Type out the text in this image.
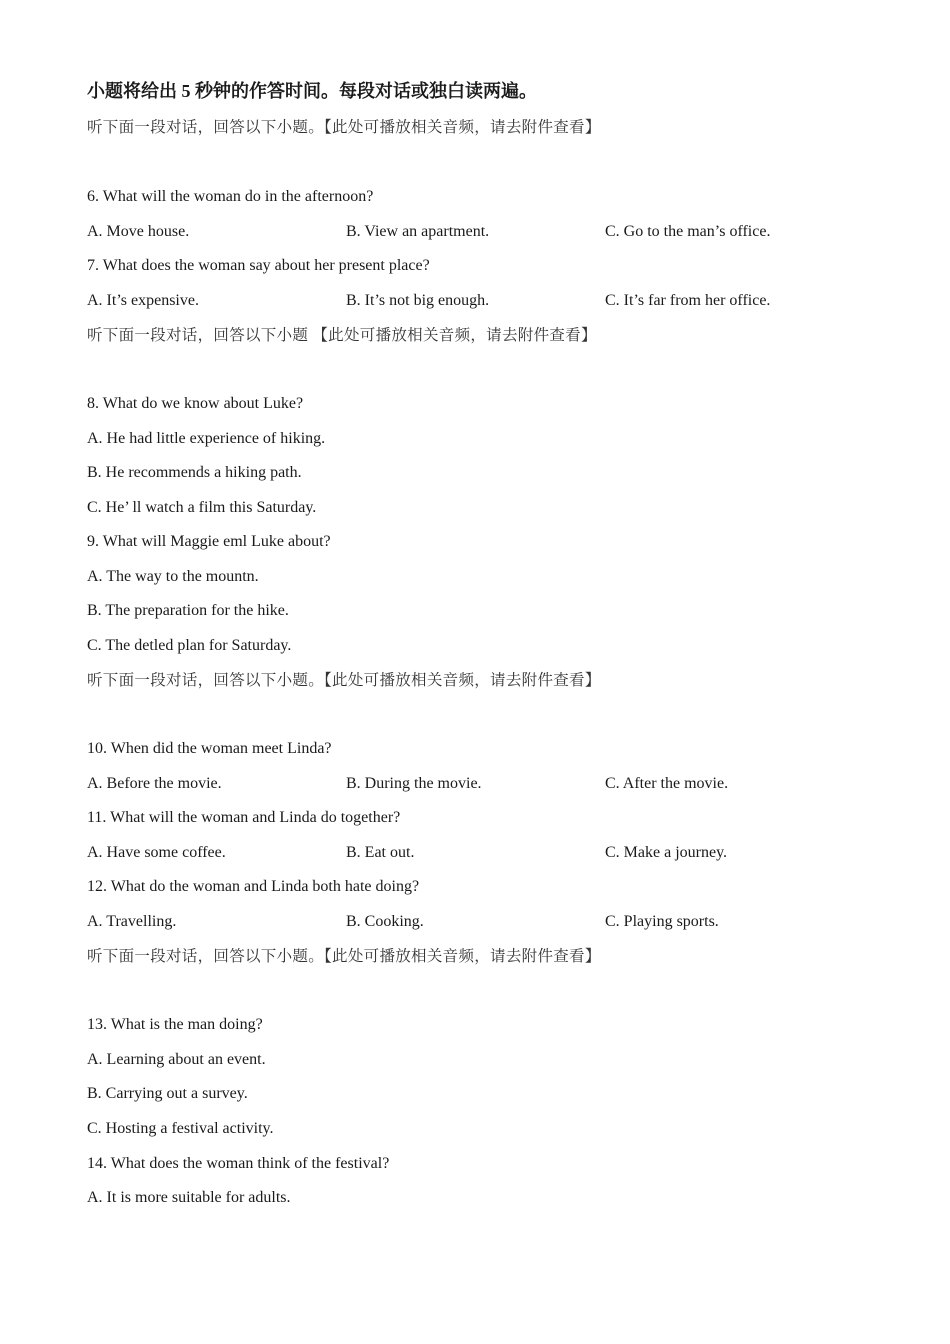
小题将给出 5 秒钟的作答时间。每段对话或独白读两遍。
听下面一段对话，回答以下小题。【此处可播放相关音频，请去附件查看】
6. What will the woman do in the afternoon?
A. Move house.	B. View an apartment.	C. Go to the man’s office.
7. What does the woman say about her present place?
A. It’s expensive.	B. It’s not big enough.	C. It’s far from her office.
听下面一段对话，回答以下小题 【此处可播放相关音频，请去附件查看】
8. What do we know about Luke?
A. He had little experience of hiking.
B. He recommends a hiking path.
C. He’ ll watch a film this Saturday.
9. What will Maggie eml Luke about?
A. The way to the mountn.
B. The preparation for the hike.
C. The detled plan for Saturday.
听下面一段对话，回答以下小题。【此处可播放相关音频，请去附件查看】
10. When did the woman meet Linda?
A. Before the movie.	B. During the movie.	C. After the movie.
11. What will the woman and Linda do together?
A. Have some coffee.	B. Eat out.	C. Make a journey.
12. What do the woman and Linda both hate doing?
A. Travelling.	B. Cooking.	C. Playing sports.
听下面一段对话，回答以下小题。【此处可播放相关音频，请去附件查看】
13. What is the man doing?
A. Learning about an event.
B. Carrying out a survey.
C. Hosting a festival activity.
14. What does the woman think of the festival?
A. It is more suitable for adults.
